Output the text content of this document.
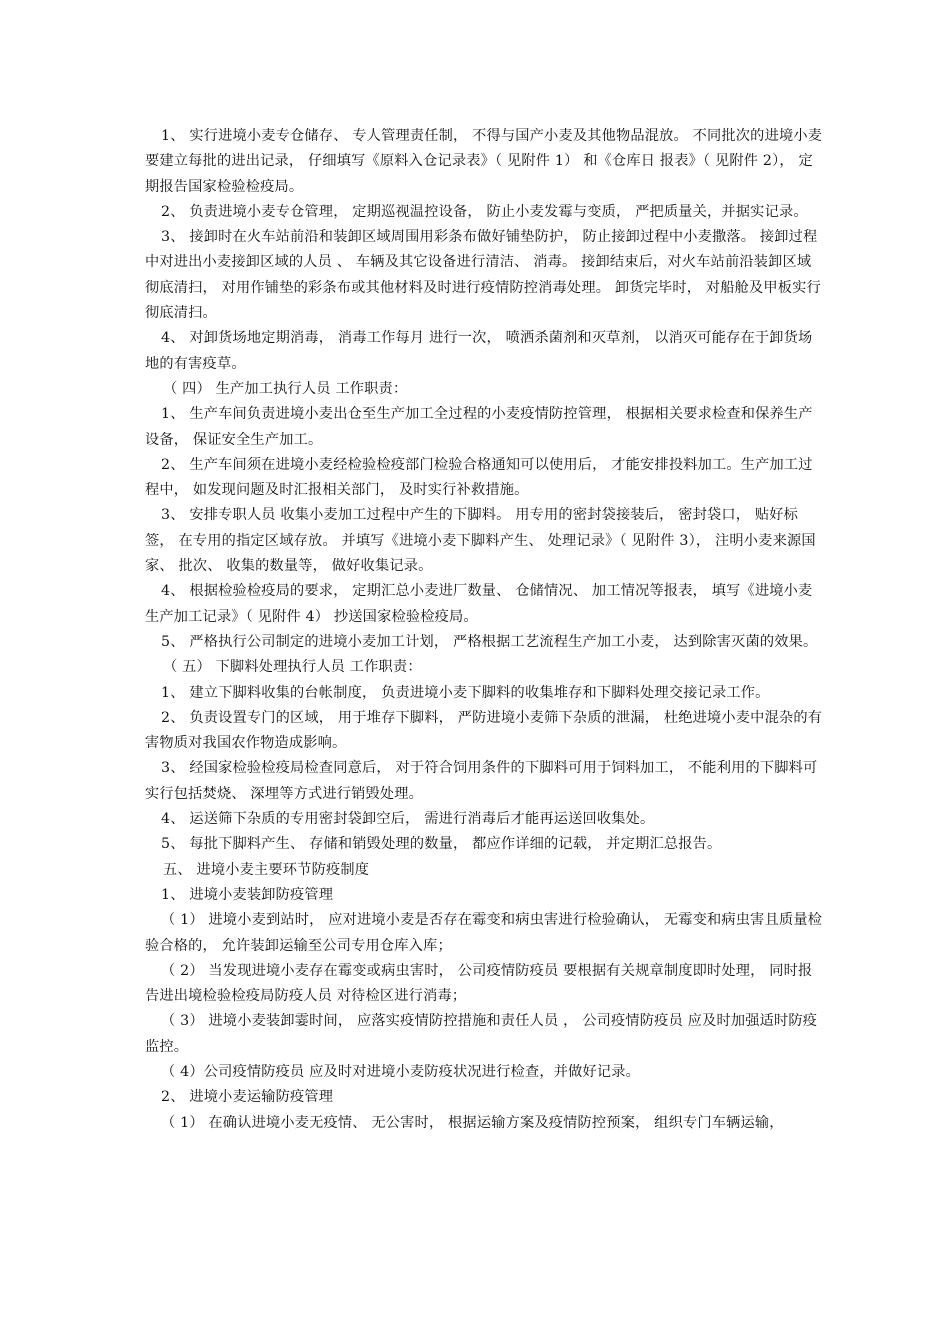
1、 实行进境小麦专仓储存、 专人管理责任制， 不得与国产小麦及其他物品混放。 不同批次的进境小麦要建立每批的进出记录， 仔细填写《原料入仓记录表》（ 见附件 1） 和《仓库日 报表》（ 见附件 2）， 定期报告国家检验检疫局。

2、 负责进境小麦专仓管理， 定期巡视温控设备， 防止小麦发霉与变质， 严把质量关，并据实记录。

3、 接卸时在火车站前沿和装卸区域周围用彩条布做好铺垫防护， 防止接卸过程中小麦撒落。 接卸过程中对进出小麦接卸区域的人员 、 车辆及其它设备进行清洁、 消毒。 接卸结束后，对火车站前沿装卸区域彻底清扫， 对用作铺垫的彩条布或其他材料及时进行疫情防控消毒处理。 卸货完毕时， 对船舱及甲板实行彻底清扫。

4、 对卸货场地定期消毒， 消毒工作每月 进行一次， 喷洒杀菌剂和灭草剂， 以消灭可能存在于卸货场地的有害疫草。

（ 四） 生产加工执行人员 工作职责：

1、 生产车间负责进境小麦出仓至生产加工全过程的小麦疫情防控管理， 根据相关要求检查和保养生产设备， 保证安全生产加工。

2、 生产车间须在进境小麦经检验检疫部门检验合格通知可以使用后， 才能安排投料加工。生产加工过程中， 如发现问题及时汇报相关部门， 及时实行补救措施。

3、 安排专职人员 收集小麦加工过程中产生的下脚料。 用专用的密封袋接装后， 密封袋口， 贴好标签， 在专用的指定区域存放。 并填写《进境小麦下脚料产生、 处理记录》（ 见附件 3）， 注明小麦来源国家、 批次、 收集的数量等， 做好收集记录。

4、 根据检验检疫局的要求， 定期汇总小麦进厂数量、 仓储情况、 加工情况等报表， 填写《进境小麦生产加工记录》（ 见附件 4） 抄送国家检验检疫局。

5、 严格执行公司制定的进境小麦加工计划， 严格根据工艺流程生产加工小麦， 达到除害灭菌的效果。

（ 五） 下脚料处理执行人员 工作职责：

1、 建立下脚料收集的台帐制度， 负责进境小麦下脚料的收集堆存和下脚料处理交接记录工作。

2、 负责设置专门的区域， 用于堆存下脚料， 严防进境小麦筛下杂质的泄漏， 杜绝进境小麦中混杂的有害物质对我国农作物造成影响。

3、 经国家检验检疫局检查同意后， 对于符合饲用条件的下脚料可用于饲料加工， 不能利用的下脚料可实行包括焚烧、 深埋等方式进行销毁处理。

4、 运送筛下杂质的专用密封袋卸空后， 需进行消毒后才能再运送回收集处。

5、 每批下脚料产生、 存储和销毁处理的数量， 都应作详细的记载， 并定期汇总报告。

五、 进境小麦主要环节防疫制度

1、 进境小麦装卸防疫管理

（ 1） 进境小麦到站时， 应对进境小麦是否存在霉变和病虫害进行检验确认， 无霉变和病虫害且质量检验合格的， 允许装卸运输至公司专用仓库入库；

（ 2） 当发现进境小麦存在霉变或病虫害时， 公司疫情防疫员 要根据有关规章制度即时处理， 同时报告进出境检验检疫局防疫人员 对待检区进行消毒；

（ 3） 进境小麦装卸霎时间， 应落实疫情防控措施和责任人员 ， 公司疫情防疫员 应及时加强适时防疫监控。

（ 4）公司疫情防疫员 应及时对进境小麦防疫状况进行检查，并做好记录。

2、 进境小麦运输防疫管理

（ 1） 在确认进境小麦无疫情、 无公害时， 根据运输方案及疫情防控预案， 组织专门车辆运输，
